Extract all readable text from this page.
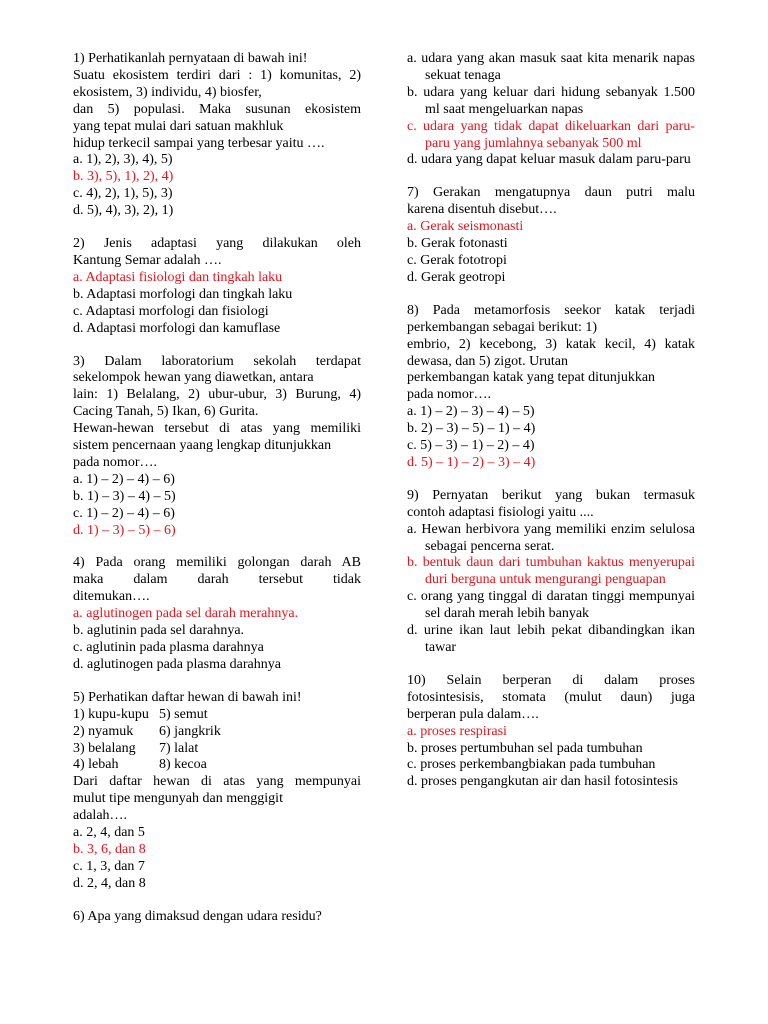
1) Perhatikanlah pernyataan di bawah ini!

Suatu ekosistem terdiri dari : 1) komunitas, 2)

ekosistem, 3) individu, 4) biosfer,

dan 5) populasi. Maka susunan ekosistem

yang tepat mulai dari satuan makhluk

hidup terkecil sampai yang terbesar yaitu ….

a. 1), 2), 3), 4), 5)

b. 3), 5), 1), 2), 4)

c. 4), 2), 1), 5), 3)

d. 5), 4), 3), 2), 1)

2) Jenis adaptasi yang dilakukan oleh

Kantung Semar adalah ….

a. Adaptasi fisiologi dan tingkah laku

b. Adaptasi morfologi dan tingkah laku

c. Adaptasi morfologi dan fisiologi

d. Adaptasi morfologi dan kamuflase

3) Dalam laboratorium sekolah terdapat

sekelompok hewan yang diawetkan, antara

lain: 1) Belalang, 2) ubur-ubur, 3) Burung, 4)

Cacing Tanah, 5) Ikan, 6) Gurita.

Hewan-hewan tersebut di atas yang memiliki

sistem pencernaan yaang lengkap ditunjukkan

pada nomor….

a. 1) – 2) – 4) – 6)

b. 1) – 3) – 4) – 5)

c. 1) – 2) – 4) – 6)

d. 1) – 3) – 5) – 6)

4) Pada orang memiliki golongan darah AB

maka dalam darah tersebut tidak

ditemukan….

a. aglutinogen pada sel darah merahnya.

b. aglutinin pada sel darahnya.

c. aglutinin pada plasma darahnya

d. aglutinogen pada plasma darahnya

5) Perhatikan daftar hewan di bawah ini!

1) kupu-kupu 5) semut

2) nyamuk 6) jangkrik

3) belalang 7) lalat

4) lebah	8) kecoa

Dari daftar hewan di atas yang mempunyai

mulut tipe mengunyah dan menggigit

adalah….

a. 2, 4, dan 5

b. 3, 6, dan 8

c. 1, 3, dan 7

d. 2, 4, dan 8

6) Apa yang dimaksud dengan udara residu?

a. udara yang akan masuk saat kita menarik napas sekuat tenaga

b. udara yang keluar dari hidung sebanyak 1.500 ml saat mengeluarkan napas

c. udara yang tidak dapat dikeluarkan dari paru-paru yang jumlahnya sebanyak 500 ml

d. udara yang dapat keluar masuk dalam paru-paru

7) Gerakan mengatupnya daun putri malu

karena disentuh disebut….

a. Gerak seismonasti

b. Gerak fotonasti

c. Gerak fototropi

d. Gerak geotropi

8) Pada metamorfosis seekor katak terjadi

perkembangan sebagai berikut: 1)

embrio, 2) kecebong, 3) katak kecil, 4) katak

dewasa, dan 5) zigot. Urutan

perkembangan katak yang tepat ditunjukkan

pada nomor….

a. 1) – 2) – 3) – 4) – 5)

b. 2) – 3) – 5) – 1) – 4)

c. 5) – 3) – 1) – 2) – 4)

d. 5) – 1) – 2) – 3) – 4)

9) Pernyatan berikut yang bukan termasuk

contoh adaptasi fisiologi yaitu ....

a. Hewan herbivora yang memiliki enzim selulosa sebagai pencerna serat.

b. bentuk daun dari tumbuhan kaktus menyerupai duri berguna untuk mengurangi penguapan

c. orang yang tinggal di daratan tinggi mempunyai sel darah merah lebih banyak

d. urine ikan laut lebih pekat dibandingkan ikan tawar

10) Selain berperan di dalam proses

fotosintesisis, stomata (mulut daun) juga

berperan pula dalam….

a. proses respirasi

b. proses pertumbuhan sel pada tumbuhan

c. proses perkembangbiakan pada tumbuhan

d. proses pengangkutan air dan hasil fotosintesis
